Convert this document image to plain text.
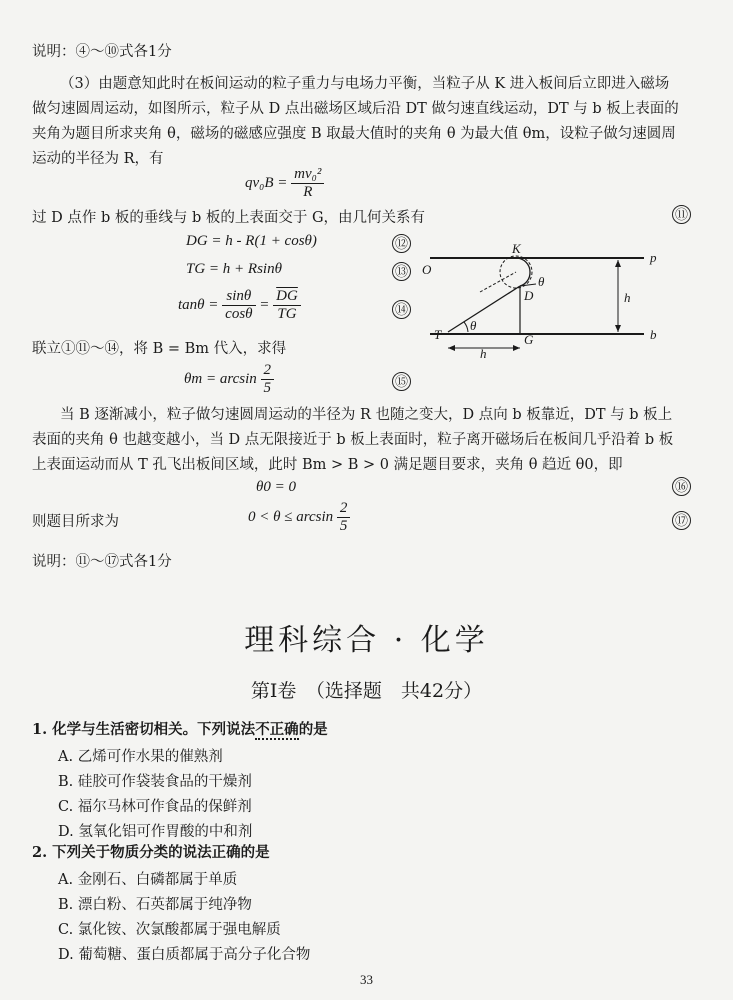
说明：④～⑩式各1分
（3）由题意知此时在板间运动的粒子重力与电场力平衡，当粒子从 K 进入板间后立即进入磁场
做匀速圆周运动，如图所示，粒子从 D 点出磁场区域后沿 DT 做匀速直线运动，DT 与 b 板上表面的
夹角为题目所求夹角 θ，磁场的磁感应强度 B 取最大值时的夹角 θ 为最大值 θm，设粒子做匀速圆周
运动的半径为 R，有
$qv_0B = \frac{\text{mv₀²}}{R}$
⑪
过 D 点作 b 板的垂线与 b 板的上表面交于 G，由几何关系有
DG = h - R(1 + cosθ)	⑫
TG = h + Rsinθ	⑬
$\tan\theta = \frac{\sin\theta}{\cos\theta} = \frac{\overline{DG}}{TG}$	⑭
联立①⑪～⑭，将 B = Bm 代入，求得
$\theta m = \arcsin \frac{2}{5}$	⑮
K
O
p
θ
h
D
T
θ
G	b
h
当 B 逐渐减小，粒子做匀速圆周运动的半径为 R 也随之变大，D 点向 b 板靠近，DT 与 b 板上
表面的夹角 θ 也越变越小，当 D 点无限接近于 b 板上表面时，粒子离开磁场后在板间几乎沿着 b 板
上表面运动而从 T 孔飞出板间区域，此时 Bm > B > 0 满足题目要求，夹角 θ 趋近 θ0，即
θ0 = 0	⑯
则题目所求为	$0 < \theta \le \arcsin \frac{2}{5}$	⑰
说明：⑪～⑰式各1分
理科综合 · 化学
第Ⅰ卷　（选择题　共42分）
1. 化学与生活密切相关。下列说法不正确的是
A. 乙烯可作水果的催熟剂
B. 硅胶可作袋装食品的干燥剂
C. 福尔马林可作食品的保鲜剂
D. 氢氧化铝可作胃酸的中和剂
2. 下列关于物质分类的说法正确的是
A. 金刚石、白磷都属于单质
B. 漂白粉、石英都属于纯净物
C. 氯化铵、次氯酸都属于强电解质
D. 葡萄糖、蛋白质都属于高分子化合物
33
